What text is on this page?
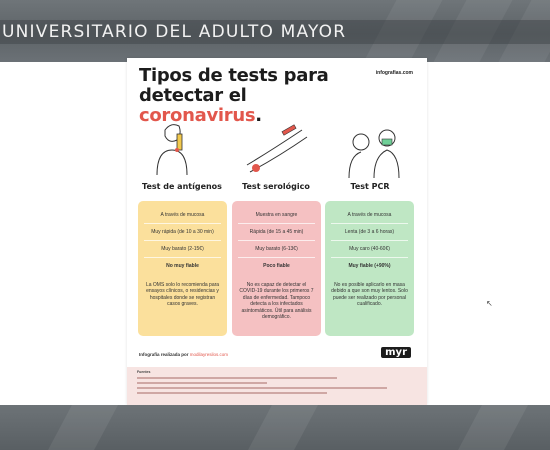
UNIVERSITARIO DEL ADULTO MAYOR
Tipos de tests para
detectar el coronavirus.
infografias.com
Test de antígenos	Test serológico	Test PCR
A través de mucosa
Muy rápida (de 10 a 30 min)
Muy barato (2-15€)
No muy fiable
La OMS solo lo recomienda para ensayos clínicos, o residencias y hospitales donde se registran casos graves.
Muestra en sangre
Rápida (de 15 a 45 min)
Muy barato (6-13€)
Poco fiable
No es capaz de detectar el COVID-19 durante los primeros 7 días de enfermedad. Tampoco detecta a los infectados asintomáticos. Útil para análisis demográfico.
A través de mucosa
Lenta (de 3 a 6 horas)
Muy caro (40-60€)
Muy fiable (+90%)
No es posible aplicarlo en masa debido a que son muy lentos. Solo puede ser realizado por personal cualificado.
Infografía realizada por modilayresilos.com	myr
Fuentes
↖
